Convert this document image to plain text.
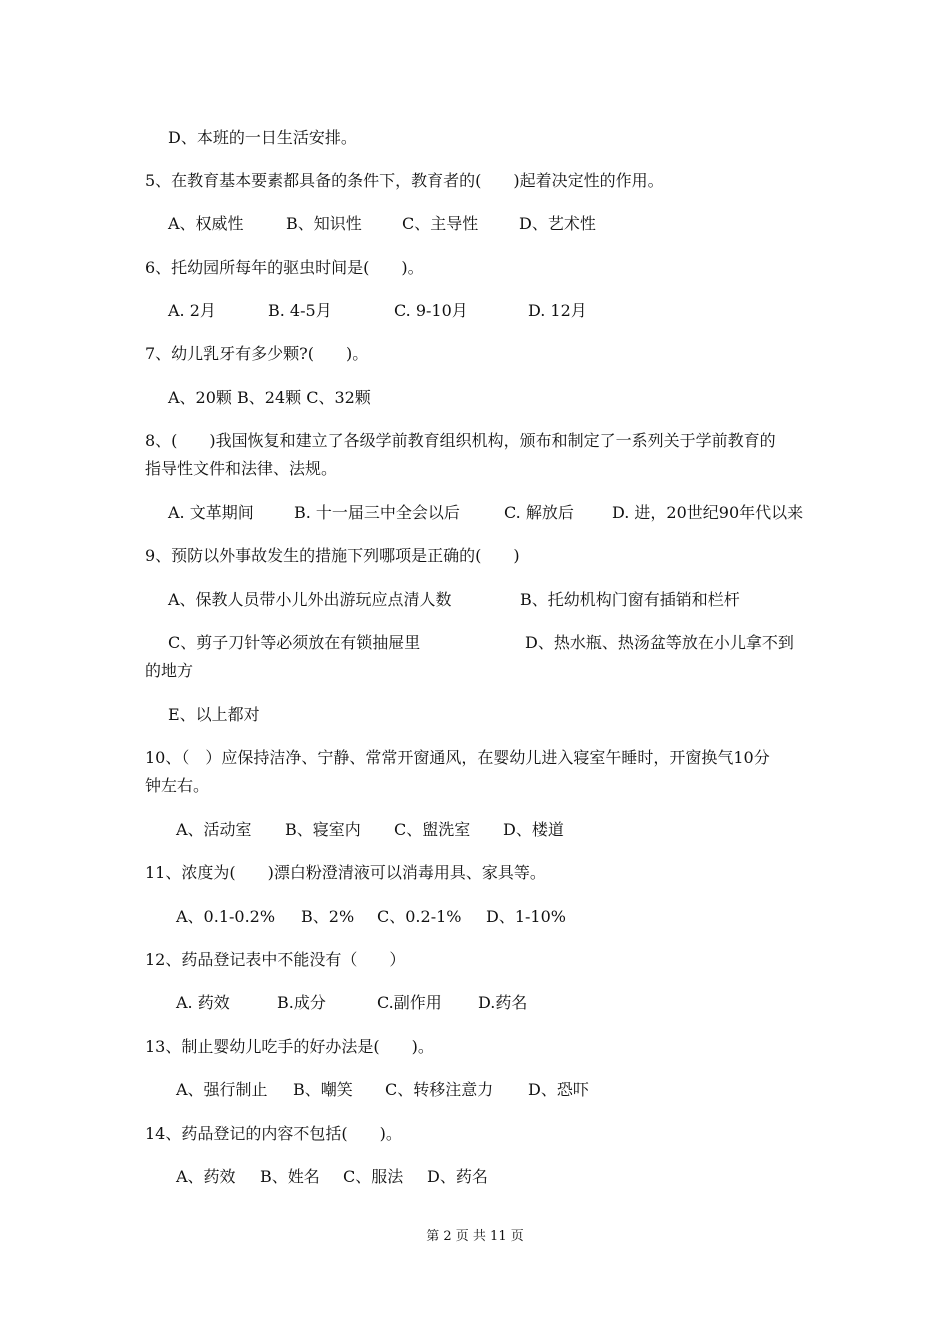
D、本班的一日生活安排。
5、在教育基本要素都具备的条件下，教育者的(　　)起着决定性的作用。
A、权威性	B、知识性	C、主导性	D、艺术性
6、托幼园所每年的驱虫时间是(　　)。
A. 2月	B. 4-5月	C. 9-10月	D. 12月
7、幼儿乳牙有多少颗?(　　)。
A、20颗 B、24颗 C、32颗
8、(　　)我国恢复和建立了各级学前教育组织机构，颁布和制定了一系列关于学前教育的
指导性文件和法律、法规。
A. 文革期间	B. 十一届三中全会以后	C. 解放后 D. 进，20世纪90年代以来
9、预防以外事故发生的措施下列哪项是正确的(　　)
A、保教人员带小儿外出游玩应点清人数	B、托幼机构门窗有插销和栏杆
C、剪子刀针等必须放在有锁抽屉里	D、热水瓶、热汤盆等放在小儿拿不到
的地方
E、以上都对
10、（　）应保持洁净、宁静、常常开窗通风，在婴幼儿进入寝室午睡时，开窗换气10分
钟左右。
A、活动室 B、寝室内 C、盥洗室 D、楼道
11、浓度为(　　)漂白粉澄清液可以消毒用具、家具等。
A、0.1-0.2% B、2% C、0.2-1% D、1-10%
12、药品登记表中不能没有（　　）
A. 药效	B.成分	C.副作用 D.药名
13、制止婴幼儿吃手的好办法是(　　)。
A、强行制止 B、嘲笑 C、转移注意力 D、恐吓
14、药品登记的内容不包括(　　)。
A、药效 B、姓名 C、服法 D、药名
第 2 页 共 11 页
